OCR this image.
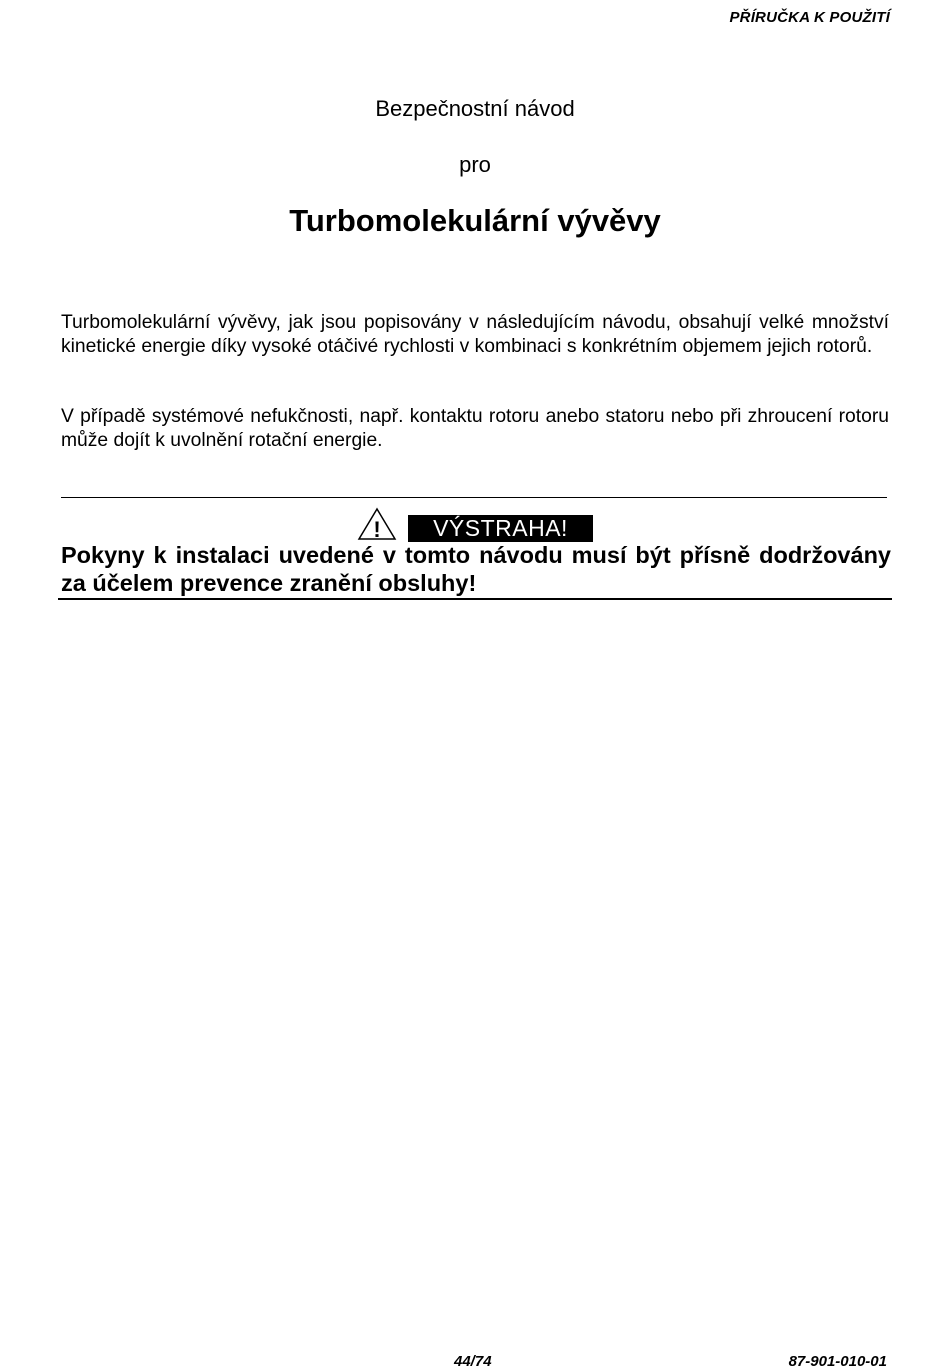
PŘÍRUČKA K POUŽITÍ
Bezpečnostní návod
pro
Turbomolekulární vývěvy
Turbomolekulární vývěvy, jak jsou popisovány v následujícím návodu, obsahují velké množství kinetické energie díky vysoké otáčivé rychlosti v kombinaci s konkrétním objemem jejich rotorů.
V případě systémové nefukčnosti, např. kontaktu rotoru anebo statoru nebo při zhroucení rotoru může dojít k uvolnění rotační energie.
!	VÝSTRAHA!
Pokyny k instalaci uvedené v tomto návodu musí být přísně dodržovány za účelem prevence zranění obsluhy!
44/74	87-901-010-01
